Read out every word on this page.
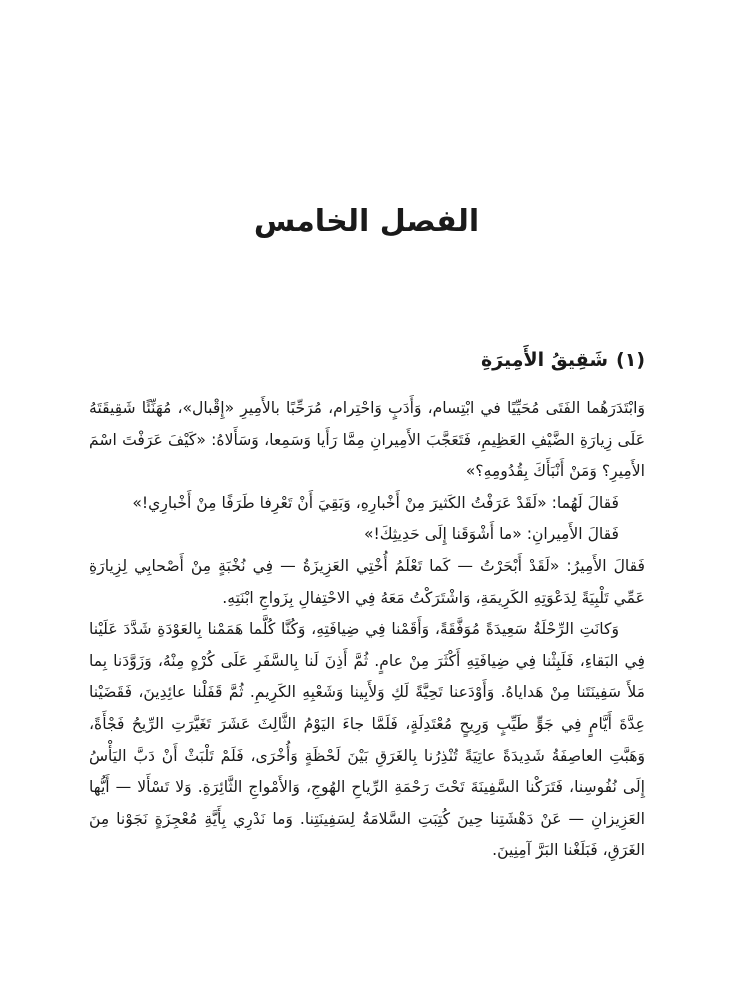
الفصل الخامس
(١)شَقِيقُ الأَمِيرَةِ

وَابْتَدَرَهُما الفَتَى مُحَيِّيًا في ابْتِسام، وَأَدَبٍ وَاحْتِرام، مُرَحِّبًا بالأَمِيرِ «إِقْبال»، مُهَنِّئًا شَقِيقَتَهُ عَلَى زِيارَةِ الضَّيْفِ العَظِيمِ، فَتَعَجَّبَ الأَمِيرانِ مِمَّا رَأَيا وَسَمِعا، وَسَأَلاهُ: «كَيْفَ عَرَفْتَ اسْمَ الأَمِيرِ؟ وَمَنْ أَنْبَأَكَ بِقُدُومِهِ؟»

فَقالَ لَهُما: «لَقَدْ عَرَفْتُ الكَثيرَ مِنْ أَخْبارِهِ، وَبَقِيَ أَنْ تَعْرِفا طَرَفًا مِنْ أَخْبارِي!»

فَقالَ الأَمِيرانِ: «ما أَشْوَقَنا إِلَى حَدِيثِكَ!»

فَقالَ الأَمِيرُ: «لَقَدْ أَبْحَرْتُ — كَما تَعْلَمُ أُخْتِي العَزِيزَةُ — فِي نُخْبَةٍ مِنْ أَصْحابِي لِزِيارَةِ عَمِّي تَلْبِيَةً لِدَعْوَتِهِ الكَرِيمَةِ، وَاشْتَرَكْتُ مَعَهُ فِي الاحْتِفالِ بِزَواجِ ابْنَتِهِ.

وَكانَتِ الرِّحْلَةُ سَعِيدَةً مُوَفَّقَةً، وَأَقَمْنا فِي ضِيافَتِهِ، وَكُنَّا كُلَّما هَمَمْنا بِالعَوْدَةِ شَدَّدَ عَلَيْنا فِي البَقاءِ، فَلَبِثْنا فِي ضِيافَتِهِ أَكْثَرَ مِنْ عامٍ. ثُمَّ أَذِنَ لَنا بِالسَّفَرِ عَلَى كُرْهٍ مِنْهُ، وَزَوَّدَنا بِما مَلأَ سَفِينَتَنا مِنْ هَداياهُ. وَأَوْدَعنا تَحِيَّةً لَكِ وَلأَبِينا وَشَعْبِهِ الكَرِيمِ. ثُمَّ قَفَلْنا عائِدِينَ، فَقَضَيْنا عِدَّةَ أَيَّامٍ فِي جَوٍّ طَيِّبٍ وَرِيحٍ مُعْتَدِلَةٍ، فَلَمَّا جاءَ اليَوْمُ الثَّالِثَ عَشَرَ تَغَيَّرَتِ الرِّيحُ فَجْأَةً، وَهَبَّتِ العاصِفَةُ شَدِيدَةً عاتِيَةً تُنْذِرُنا بِالغَرَقِ بَيْنَ لَحْظَةٍ وَأُخْرَى، فَلَمْ تَلْبَثْ أَنْ دَبَّ اليَأْسُ إِلَى نُفُوسِنا، فَتَرَكْنا السَّفِينَةَ تَحْتَ رَحْمَةِ الرِّياحِ الهُوجِ، وَالأَمْواجِ الثَّائِرَةِ. وَلا تَسْأَلا — أَيُّها العَزِيزانِ — عَنْ دَهْشَتِنا حِينَ كُتِبَتِ السَّلامَةُ لِسَفِينَتِنا. وَما نَدْرِي بِأَيَّةِ مُعْجِزَةٍ نَجَوْنا مِنَ الغَرَقِ، فَبَلَغْنا البَرَّ آمِنِينَ.
